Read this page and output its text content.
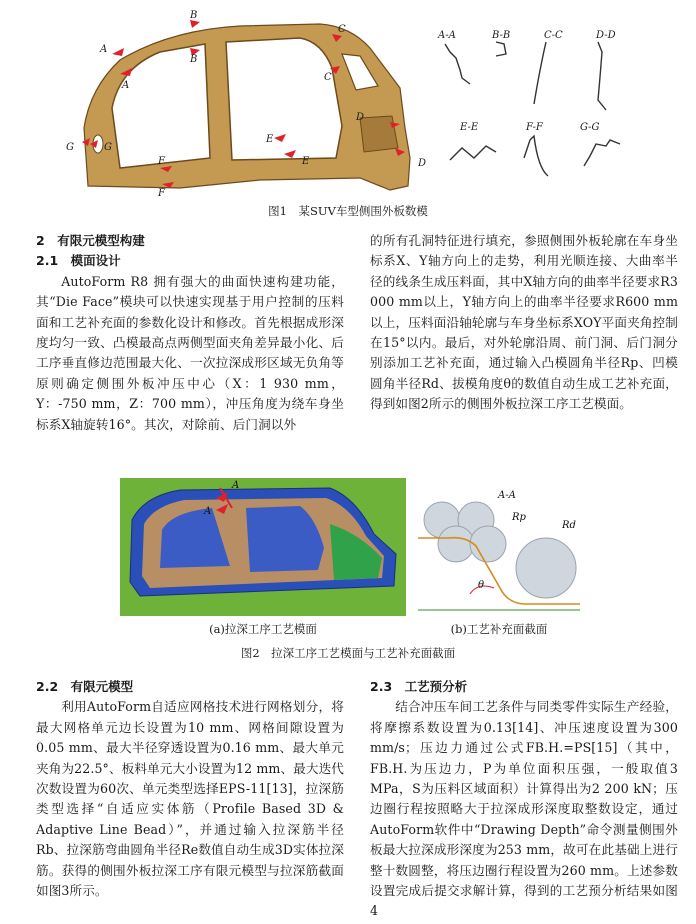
A
A
B
B
C
C
D
D
E
E
F
F
G	G
A-A	B-B	C-C	D-D
E-E	F-F	G-G
图1　某SUV车型侧围外板数模
2　有限元模型构建
2.1　模面设计

AutoForm R8 拥有强大的曲面快速构建功能，其“Die Face”模块可以快速实现基于用户控制的压料面和工艺补充面的参数化设计和修改。首先根据成形深度均匀一致、凸模最高点两侧型面夹角差异最小化、后工序垂直修边范围最大化、一次拉深成形区域无负角等原则确定侧围外板冲压中心（X：1 930 mm，Y：-750 mm，Z：700 mm），冲压角度为绕车身坐标系X轴旋转16°。其次，对除前、后门洞以外

的所有孔洞特征进行填充，参照侧围外板轮廓在车身坐标系X、Y轴方向上的走势，利用光顺连接、大曲率半径的线条生成压料面，其中X轴方向的曲率半径要求R3 000 mm以上，Y轴方向上的曲率半径要求R600 mm以上，压料面沿轴轮廓与车身坐标系XOY平面夹角控制在15°以内。最后，对外轮廓沿周、前门洞、后门洞分别添加工艺补充面，通过输入凸模圆角半径Rp、凹模圆角半径Rd、拔模角度θ的数值自动生成工艺补充面，得到如图2所示的侧围外板拉深工序工艺模面。

A
A
A-A
Rp
Rd
θ
(a)拉深工序工艺模面	(b)工艺补充面截面
图2　拉深工序工艺模面与工艺补充面截面
2.2　有限元模型

利用AutoForm自适应网格技术进行网格划分，将最大网格单元边长设置为10 mm、网格间隙设置为0.05 mm、最大半径穿透设置为0.16 mm、最大单元夹角为22.5°、板料单元大小设置为12 mm、最大迭代次数设置为60次、单元类型选择EPS-11[13]，拉深筋类型选择“自适应实体筋（Profile Based 3D & Adaptive Line Bead）”，并通过输入拉深筋半径Rb、拉深筋弯曲圆角半径Re数值自动生成3D实体拉深筋。获得的侧围外板拉深工序有限元模型与拉深筋截面如图3所示。

2.3　工艺预分析

结合冲压车间工艺条件与同类零件实际生产经验，将摩擦系数设置为0.13[14]、冲压速度设置为300 mm/s；压边力通过公式FB.H.=PS[15]（其中，FB.H.为压边力，P为单位面积压强，一般取值3 MPa，S为压料区域面积）计算得出为2 200 kN；压边圈行程按照略大于拉深成形深度取整数设定，通过AutoForm软件中“Drawing Depth”命令测量侧围外板最大拉深成形深度为253 mm，故可在此基础上进行整十数圆整，将压边圈行程设置为260 mm。上述参数设置完成后提交求解计算，得到的工艺预分析结果如图4
